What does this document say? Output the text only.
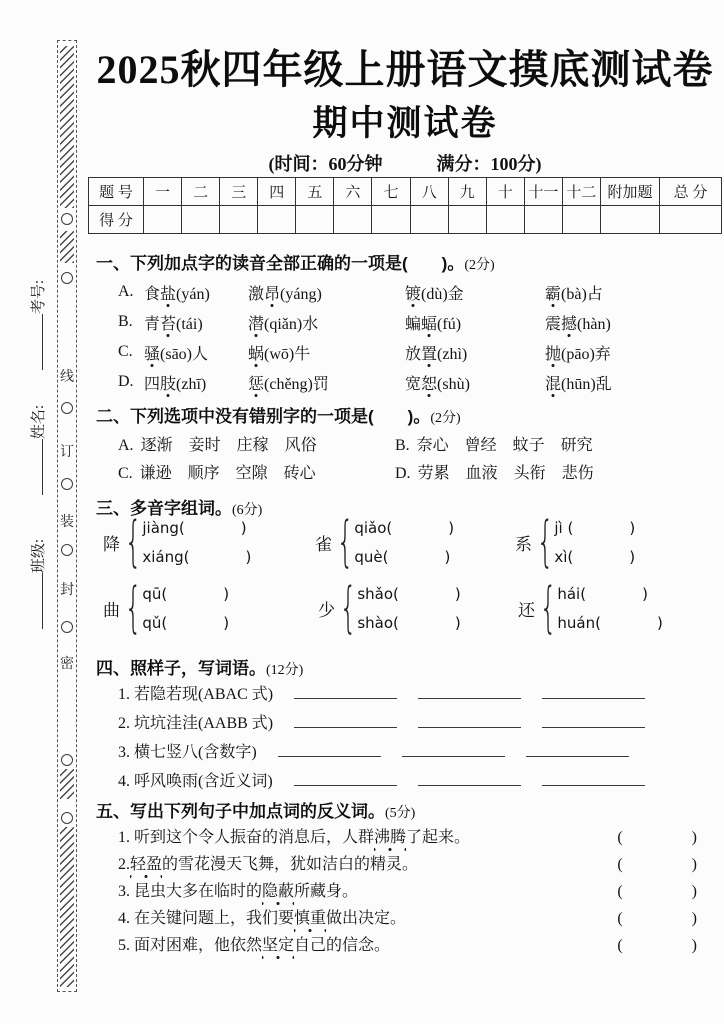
考号:
姓名:
班级:
线
订
装
封
密
2025秋四年级上册语文摸底测试卷
期中测试卷
(时间：60分钟　　　满分：100分)
题 号	一	二	三	四	五	六	七	八	九	十	十一	十二	附加题	总 分
得 分														
一、下列加点字的读音全部正确的一项是(　　)。(2分)
A. 食盐(yán)	激昂(yáng)	镀(dù)金	霸(bà)占
B. 青苔(tái)	潜(qiǎn)水	蝙蝠(fú)	震撼(hàn)
C. 骚(sāo)人	蜗(wō)牛	放置(zhì)	抛(pāo)弃
D. 四肢(zhī)	惩(chěng)罚	宽恕(shù)	混(hūn)乱
二、下列选项中没有错别字的一项是(　　)。(2分)
A. 逐渐　妾时　庄稼　风俗	B. 奈心　曾经　蚊子　研究
C. 谦逊　顺序　空隙　砖心	D. 劳累　血液　头衔　悲伤
三、多音字组词。(6分)
降 { jiàng(	)
xiáng(	)
雀 { qiǎo(	)
què(	)
系 { jì (	)
xì(	)
曲 { qū(	)
qǔ(	)
少 { shǎo(	)
shào(	)
还 { hái(	)
huán(	)
四、照样子，写词语。(12分)
1. 若隐若现(ABAC 式)
2. 坑坑洼洼(AABB 式)
3. 横七竖八(含数字)
4. 呼风唤雨(含近义词)
五、写出下列句子中加点词的反义词。(5分)
1. 听到这个令人振奋的消息后，人群 沸腾 了起来。	(　　　　)
2. 轻盈 的雪花漫天飞舞，犹如洁白的精灵。	(　　　　)
3. 昆虫大多在临时的 隐蔽 所藏身。	(　　　　)
4. 在关键问题上，我们要 慎重 做出决定。	(　　　　)
5. 面对困难，他依然 坚定 自己的信念。	(　　　　)
